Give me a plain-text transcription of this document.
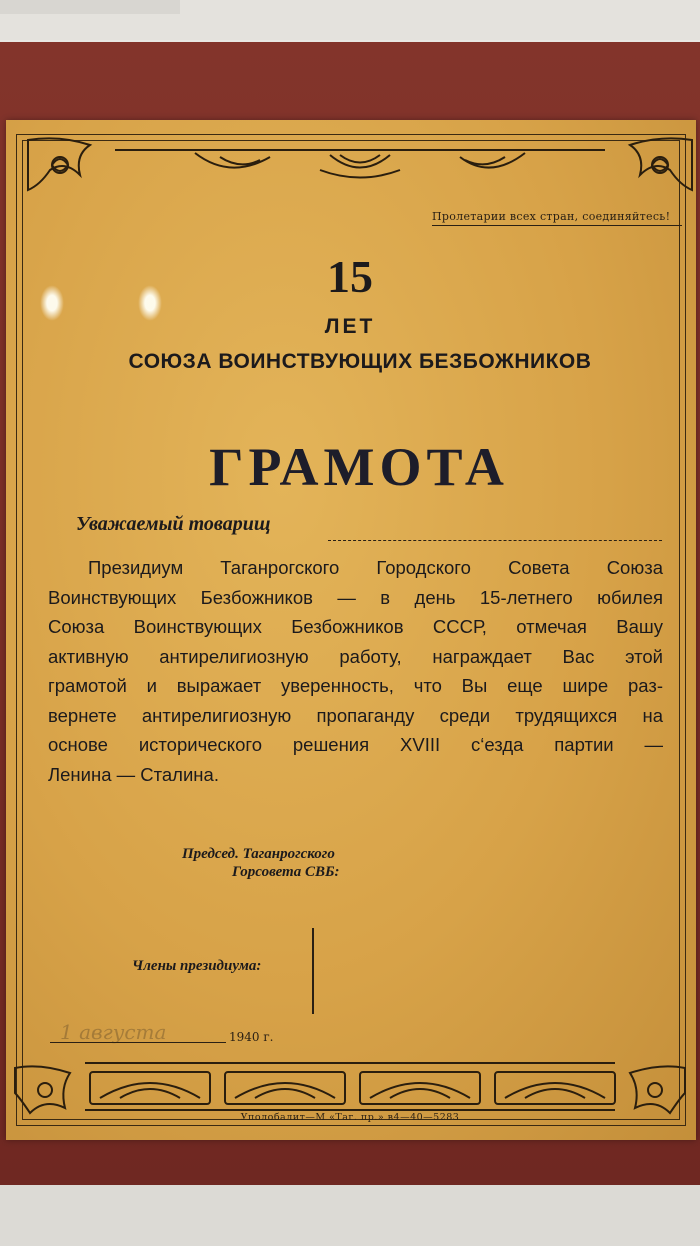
Пролетарии всех стран, соединяйтесь!
15
ЛЕТ
СОЮЗА ВОИНСТВУЮЩИХ БЕЗБОЖНИКОВ
ГРАМОТА
Уважаемый товарищ
Президиум Таганрогского Городского Совета Союза
Воинствующих Безбожников — в день 15-летнего юбилея
Союза Воинствующих Безбожников СССР, отмечая Вашу
активную антирелигиозную работу, награждает Вас этой
грамотой и выражает уверенность, что Вы еще шире раз-
вернете антирелигиозную пропаганду среди трудящихся на
основе исторического решения XVIII с‘езда партии —
Ленина — Сталина.
Председ. Таганрогского
Горсовета СВБ:
Члены президиума:
1 августа	1940 г.
Уполобалит—М «Таг. пр.» в4—40—5283
